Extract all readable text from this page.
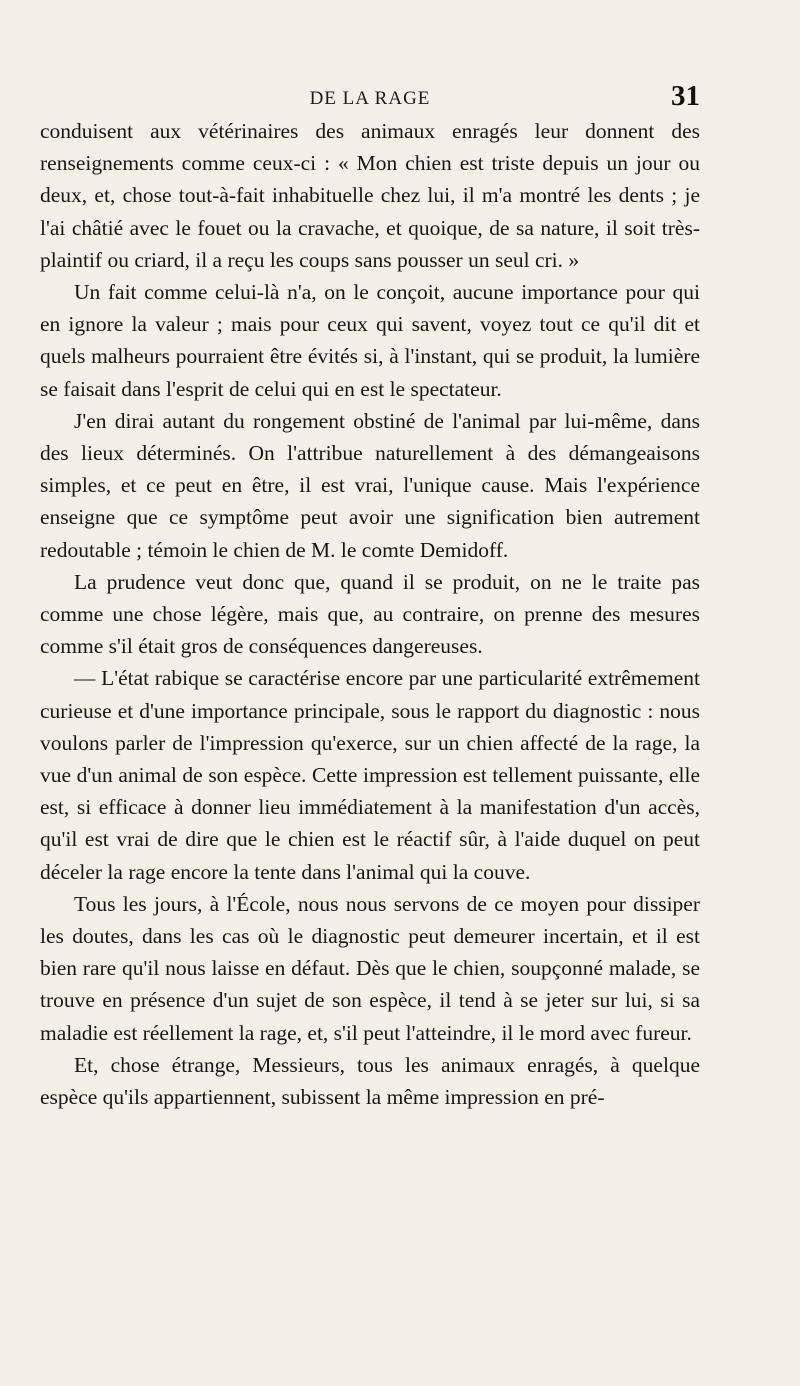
DE LA RAGE	31

conduisent aux vétérinaires des animaux enragés leur donnent des renseignements comme ceux-ci : « Mon chien est triste depuis un jour ou deux, et, chose tout-à-fait inhabituelle chez lui, il m'a montré les dents ; je l'ai châtié avec le fouet ou la cravache, et quoique, de sa nature, il soit très-plaintif ou criard, il a reçu les coups sans pousser un seul cri. »

Un fait comme celui-là n'a, on le conçoit, aucune importance pour qui en ignore la valeur ; mais pour ceux qui savent, voyez tout ce qu'il dit et quels malheurs pourraient être évités si, à l'instant, qui se produit, la lumière se faisait dans l'esprit de celui qui en est le spectateur.

J'en dirai autant du rongement obstiné de l'animal par lui-même, dans des lieux déterminés. On l'attribue naturellement à des démangeaisons simples, et ce peut en être, il est vrai, l'unique cause. Mais l'expérience enseigne que ce symptôme peut avoir une signification bien autrement redoutable ; témoin le chien de M. le comte Demidoff.

La prudence veut donc que, quand il se produit, on ne le traite pas comme une chose légère, mais que, au contraire, on prenne des mesures comme s'il était gros de conséquences dangereuses.

— L'état rabique se caractérise encore par une particularité extrêmement curieuse et d'une importance principale, sous le rapport du diagnostic : nous voulons parler de l'impression qu'exerce, sur un chien affecté de la rage, la vue d'un animal de son espèce. Cette impression est tellement puissante, elle est, si efficace à donner lieu immédiatement à la manifestation d'un accès, qu'il est vrai de dire que le chien est le réactif sûr, à l'aide duquel on peut déceler la rage encore la tente dans l'animal qui la couve.

Tous les jours, à l'École, nous nous servons de ce moyen pour dissiper les doutes, dans les cas où le diagnostic peut demeurer incertain, et il est bien rare qu'il nous laisse en défaut. Dès que le chien, soupçonné malade, se trouve en présence d'un sujet de son espèce, il tend à se jeter sur lui, si sa maladie est réellement la rage, et, s'il peut l'atteindre, il le mord avec fureur.

Et, chose étrange, Messieurs, tous les animaux enragés, à quelque espèce qu'ils appartiennent, subissent la même impression en pré-
